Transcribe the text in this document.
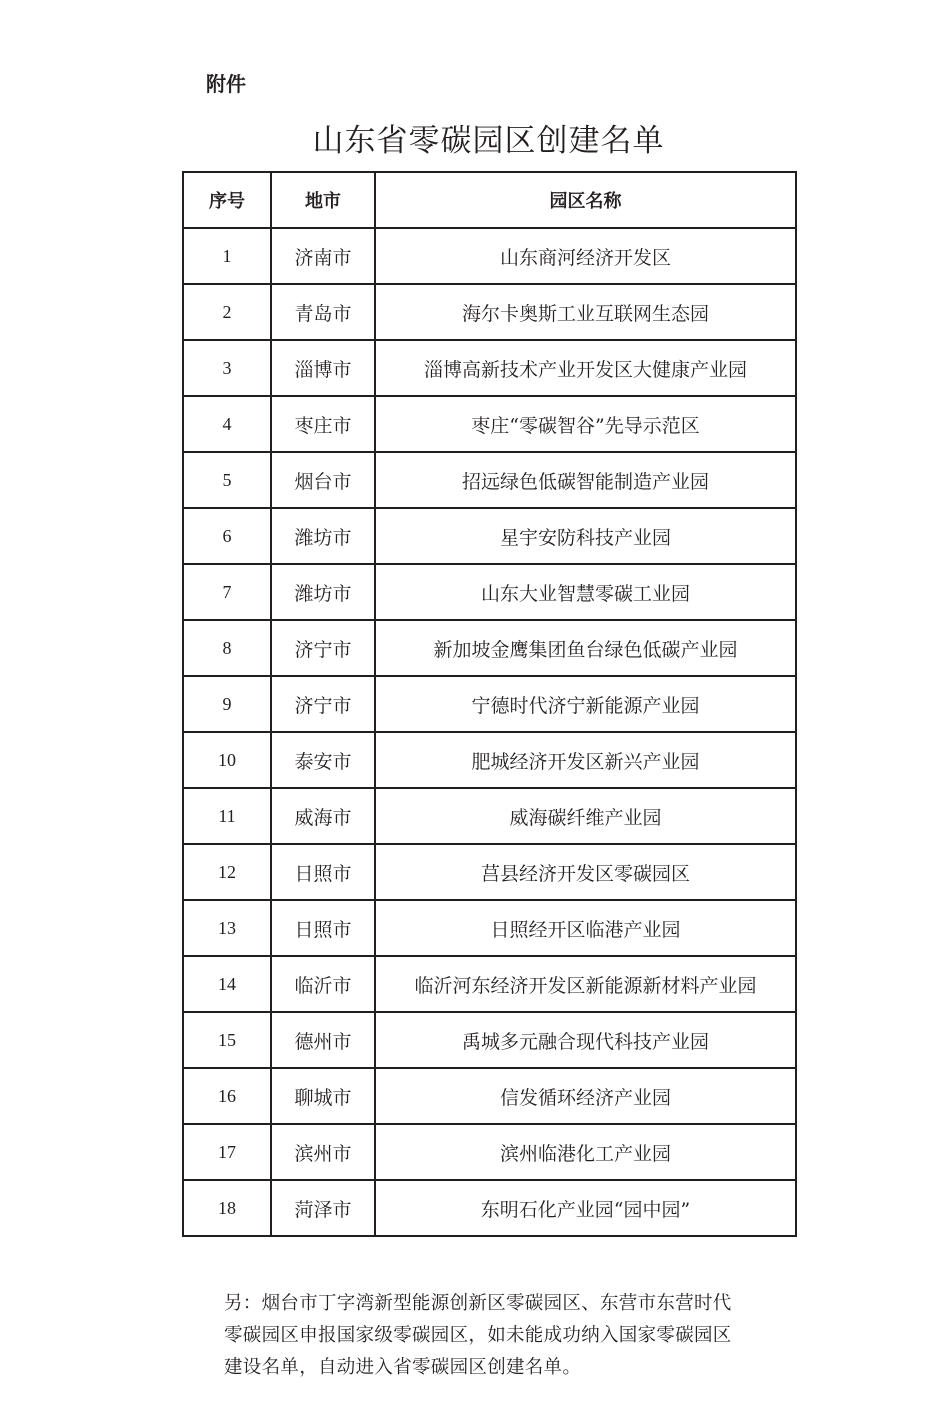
附件
山东省零碳园区创建名单
序号	地市	园区名称
1	济南市	山东商河经济开发区
2	青岛市	海尔卡奥斯工业互联网生态园
3	淄博市	淄博高新技术产业开发区大健康产业园
4	枣庄市	枣庄“零碳智谷”先导示范区
5	烟台市	招远绿色低碳智能制造产业园
6	潍坊市	星宇安防科技产业园
7	潍坊市	山东大业智慧零碳工业园
8	济宁市	新加坡金鹰集团鱼台绿色低碳产业园
9	济宁市	宁德时代济宁新能源产业园
10	泰安市	肥城经济开发区新兴产业园
11	威海市	威海碳纤维产业园
12	日照市	莒县经济开发区零碳园区
13	日照市	日照经开区临港产业园
14	临沂市	临沂河东经济开发区新能源新材料产业园
15	德州市	禹城多元融合现代科技产业园
16	聊城市	信发循环经济产业园
17	滨州市	滨州临港化工产业园
18	菏泽市	东明石化产业园“园中园”
另：烟台市丁字湾新型能源创新区零碳园区、东营市东营时代
零碳园区申报国家级零碳园区，如未能成功纳入国家零碳园区
建设名单，自动进入省零碳园区创建名单。
